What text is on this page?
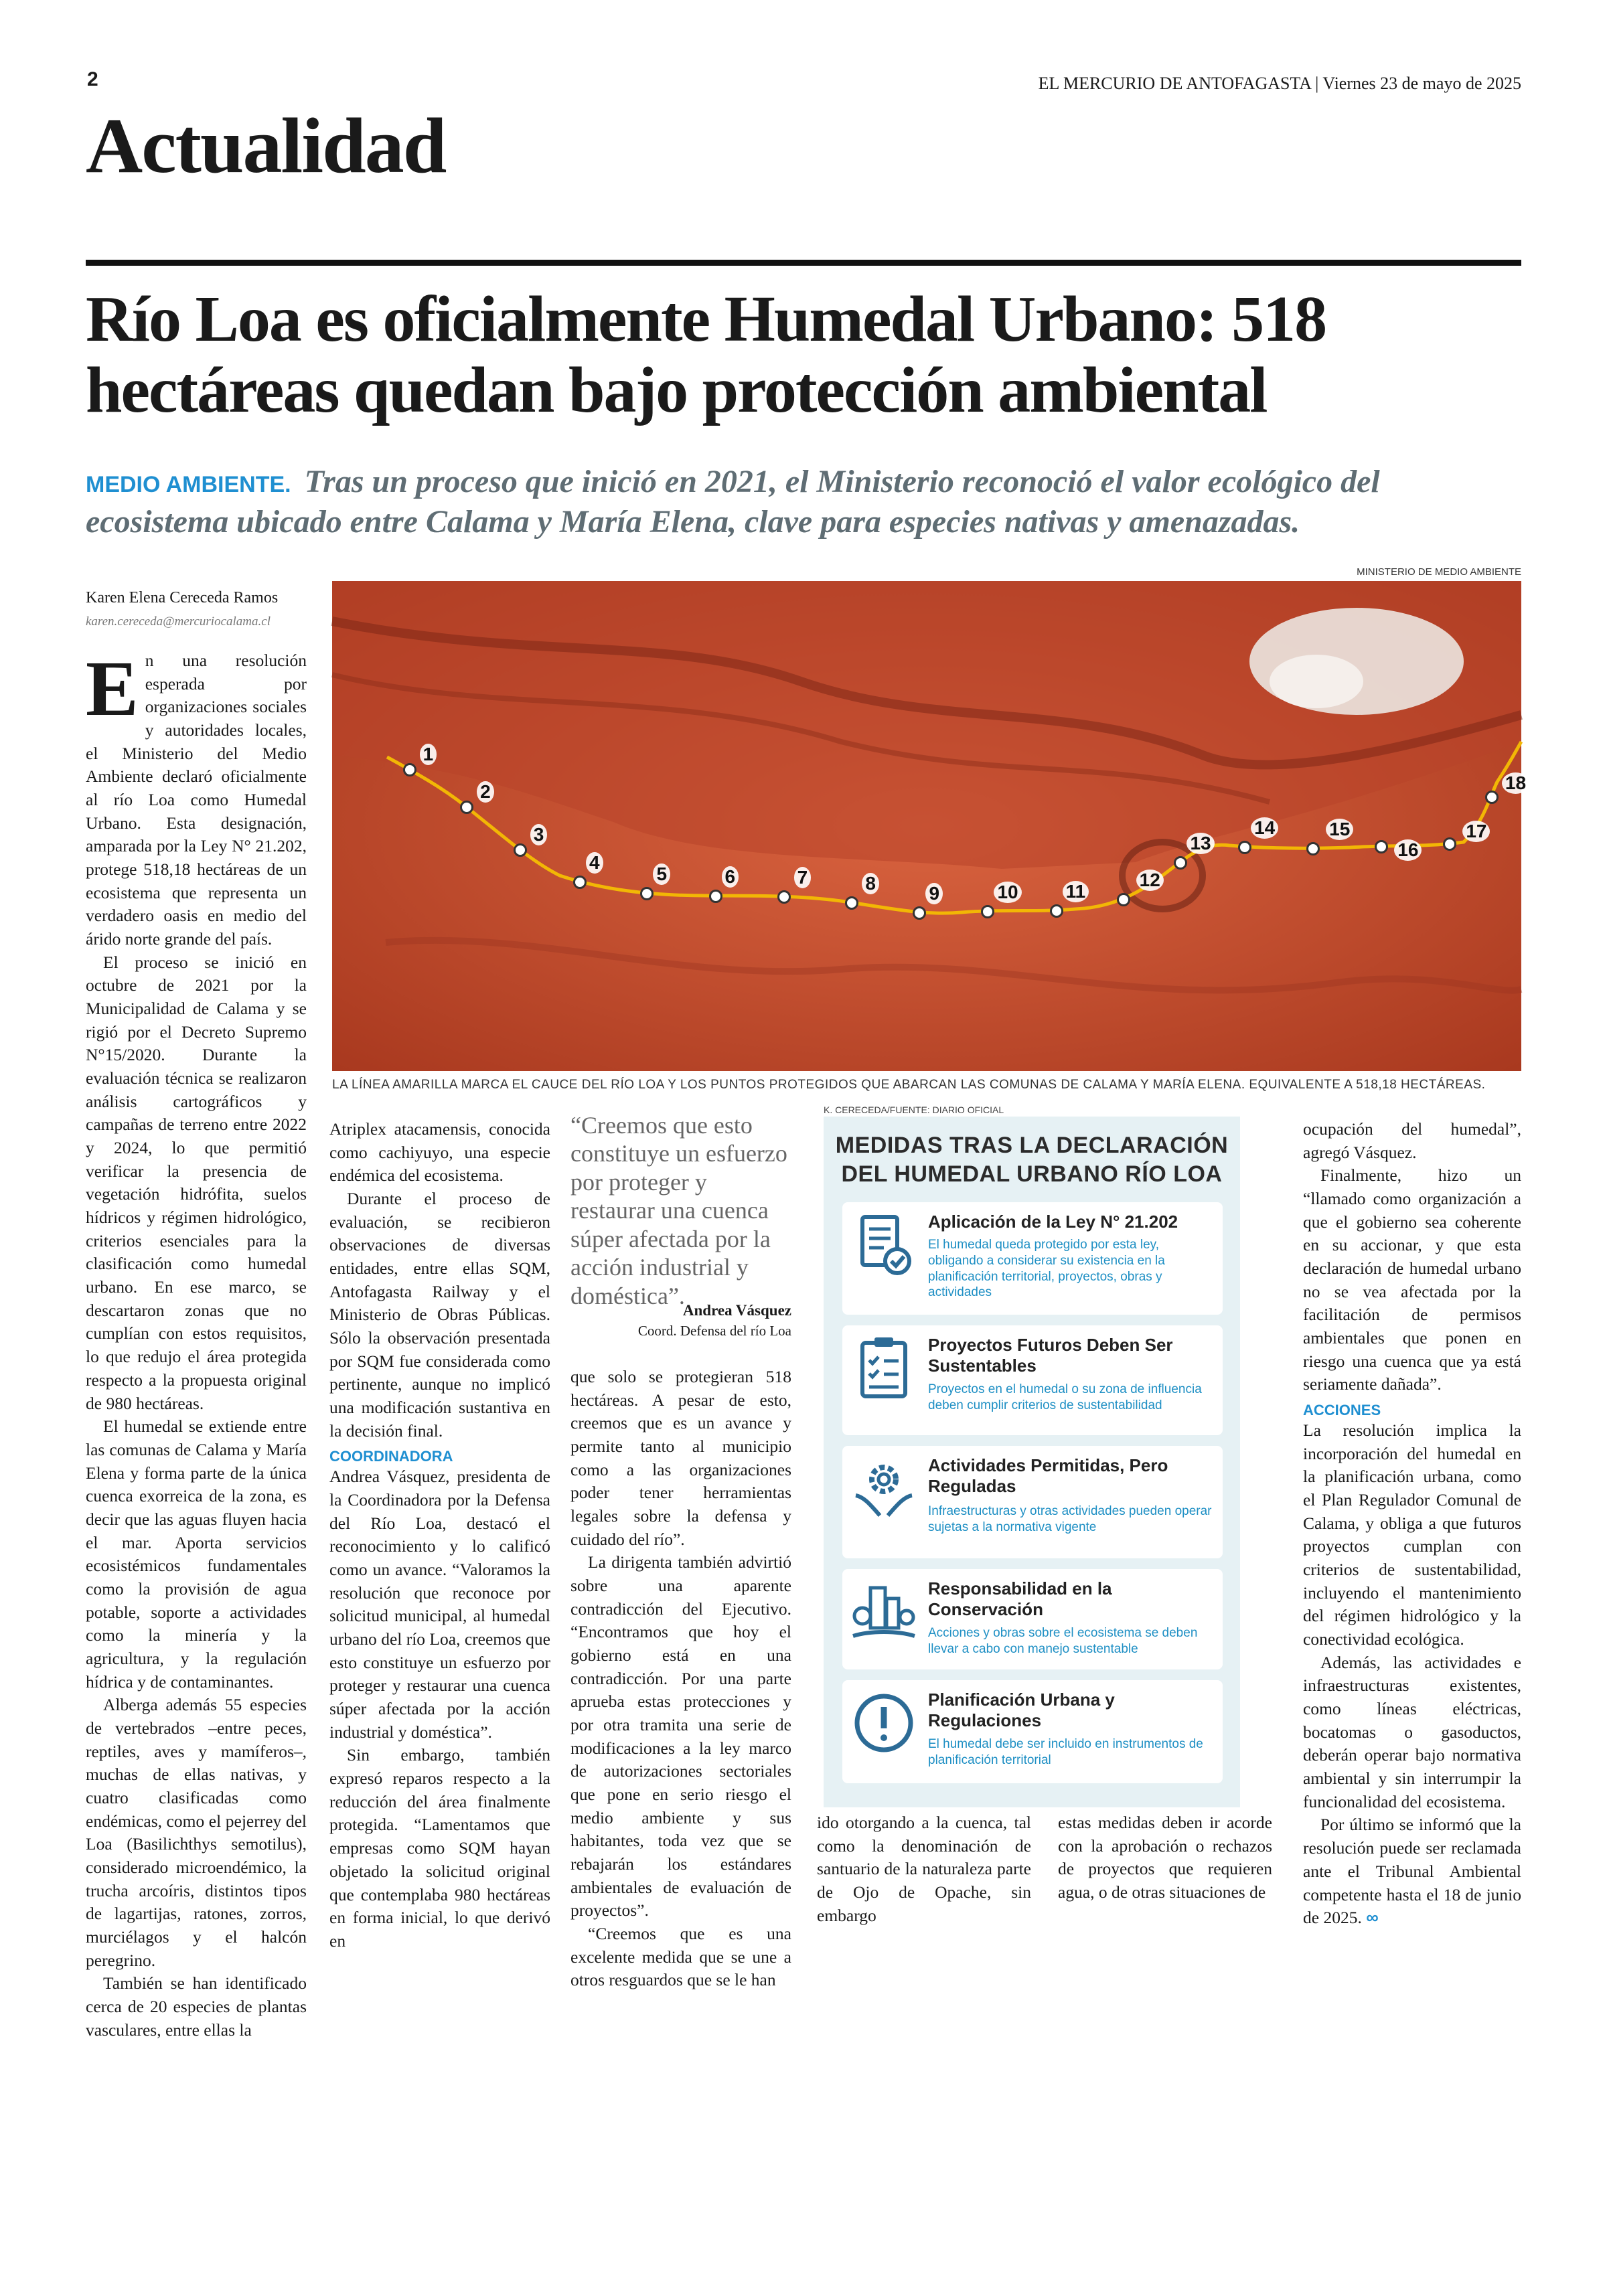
2	EL MERCURIO DE ANTOFAGASTA | Viernes 23 de mayo de 2025
Actualidad
Río Loa es oficialmente Humedal Urbano: 518 hectáreas quedan bajo protección ambiental
MEDIO AMBIENTE. Tras un proceso que inició en 2021, el Ministerio reconoció el valor ecológico del ecosistema ubicado entre Calama y María Elena, clave para especies nativas y amenazadas.
Karen Elena Cereceda Ramos
karen.cereceda@mercuriocalama.cl
MINISTERIO DE MEDIO AMBIENTE
1
2
3
4
5	6	7	8	9	10	11
12
13
14	15
16
17
18
LA LÍNEA AMARILLA MARCA EL CAUCE DEL RÍO LOA Y LOS PUNTOS PROTEGIDOS QUE ABARCAN LAS COMUNAS DE CALAMA Y MARÍA ELENA. EQUIVALENTE A 518,18 HECTÁREAS.

En una resolución esperada por organizaciones sociales y autoridades locales, el Ministerio del Medio Ambiente declaró oficialmente al río Loa como Humedal Urbano. Esta designación, amparada por la Ley N° 21.202, protege 518,18 hectáreas de un ecosistema que representa un verdadero oasis en medio del árido norte grande del país.

El proceso se inició en octubre de 2021 por la Municipalidad de Calama y se rigió por el Decreto Supremo N°15/2020. Durante la evaluación técnica se realizaron análisis cartográficos y campañas de terreno entre 2022 y 2024, lo que permitió verificar la presencia de vegetación hidrófita, suelos hídricos y régimen hidrológico, criterios esenciales para la clasificación como humedal urbano. En ese marco, se descartaron zonas que no cumplían con estos requisitos, lo que redujo el área protegida respecto a la propuesta original de 980 hectáreas.

El humedal se extiende entre las comunas de Calama y María Elena y forma parte de la única cuenca exorreica de la zona, es decir que las aguas fluyen hacia el mar. Aporta servicios ecosistémicos fundamentales como la provisión de agua potable, soporte a actividades como la minería y la agricultura, y la regulación hídrica y de contaminantes.

Alberga además 55 especies de vertebrados –entre peces, reptiles, aves y mamíferos–, muchas de ellas nativas, y cuatro clasificadas como endémicas, como el pejerrey del Loa (Basilichthys semotilus), considerado microendémico, la trucha arcoíris, distintos tipos de lagartijas, ratones, zorros, murciélagos y el halcón peregrino.

También se han identificado cerca de 20 especies de plantas vasculares, entre ellas la

Atriplex atacamensis, conocida como cachiyuyo, una especie endémica del ecosistema.

Durante el proceso de evaluación, se recibieron observaciones de diversas entidades, entre ellas SQM, Antofagasta Railway y el Ministerio de Obras Públicas. Sólo la observación presentada por SQM fue considerada como pertinente, aunque no implicó una modificación sustantiva en la decisión final.

COORDINADORA

Andrea Vásquez, presidenta de la Coordinadora por la Defensa del Río Loa, destacó el reconocimiento y lo calificó como un avance. “Valoramos la resolución que reconoce por solicitud municipal, al humedal urbano del río Loa, creemos que esto constituye un esfuerzo por proteger y restaurar una cuenca súper afectada por la acción industrial y doméstica”.

Sin embargo, también expresó reparos respecto a la reducción del área finalmente protegida. “Lamentamos que empresas como SQM hayan objetado la solicitud original que contemplaba 980 hectáreas en forma inicial, lo que derivó en

“Creemos que esto constituye un esfuerzo por proteger y restaurar una cuenca súper afectada por la acción industrial y doméstica”.
Andrea Vásquez
Coord. Defensa del río Loa

que solo se protegieran 518 hectáreas. A pesar de esto, creemos que es un avance y permite tanto al municipio como a las organizaciones poder tener herramientas legales sobre la defensa y cuidado del río”.

La dirigenta también advirtió sobre una aparente contradicción del Ejecutivo. “Encontramos que hoy el gobierno está en una contradicción. Por una parte aprueba estas protecciones y por otra tramita una serie de modificaciones a la ley marco de autorizaciones sectoriales que pone en serio riesgo el medio ambiente y sus habitantes, toda vez que se rebajarán los estándares ambientales de evaluación de proyectos”.

“Creemos que es una excelente medida que se une a otros resguardos que se le han

ido otorgando a la cuenca, tal como la denominación de santuario de la naturaleza parte de Ojo de Opache, sin embargo

estas medidas deben ir acorde con la aprobación o rechazos de proyectos que requieren agua, o de otras situaciones de

ocupación del humedal”, agregó Vásquez.

Finalmente, hizo un “llamado como organización a que el gobierno sea coherente en su accionar, y que esta declaración de humedal urbano no se vea afectada por la facilitación de permisos ambientales que ponen en riesgo una cuenca que ya está seriamente dañada”.

ACCIONES

La resolución implica la incorporación del humedal en la planificación urbana, como el Plan Regulador Comunal de Calama, y obliga a que futuros proyectos cumplan con criterios de sustentabilidad, incluyendo el mantenimiento del régimen hidrológico y la conectividad ecológica.

Además, las actividades e infraestructuras existentes, como líneas eléctricas, bocatomas o gasoductos, deberán operar bajo normativa ambiental y sin interrumpir la funcionalidad del ecosistema.

Por último se informó que la resolución puede ser reclamada ante el Tribunal Ambiental competente hasta el 18 de junio de 2025. ∞

K. CERECEDA/FUENTE: DIARIO OFICIAL
MEDIDAS TRAS LA DECLARACIÓN DEL HUMEDAL URBANO RÍO LOA
Aplicación de la Ley N° 21.202
El humedal queda protegido por esta ley, obligando a considerar su existencia en la planificación territorial, proyectos, obras y actividades
Proyectos Futuros Deben Ser Sustentables
Proyectos en el humedal o su zona de influencia deben cumplir criterios de sustentabilidad
Actividades Permitidas, Pero Reguladas
Infraestructuras y otras actividades pueden operar sujetas a la normativa vigente
Responsabilidad en la Conservación
Acciones y obras sobre el ecosistema se deben llevar a cabo con manejo sustentable
Planificación Urbana y Regulaciones
El humedal debe ser incluido en instrumentos de planificación territorial
